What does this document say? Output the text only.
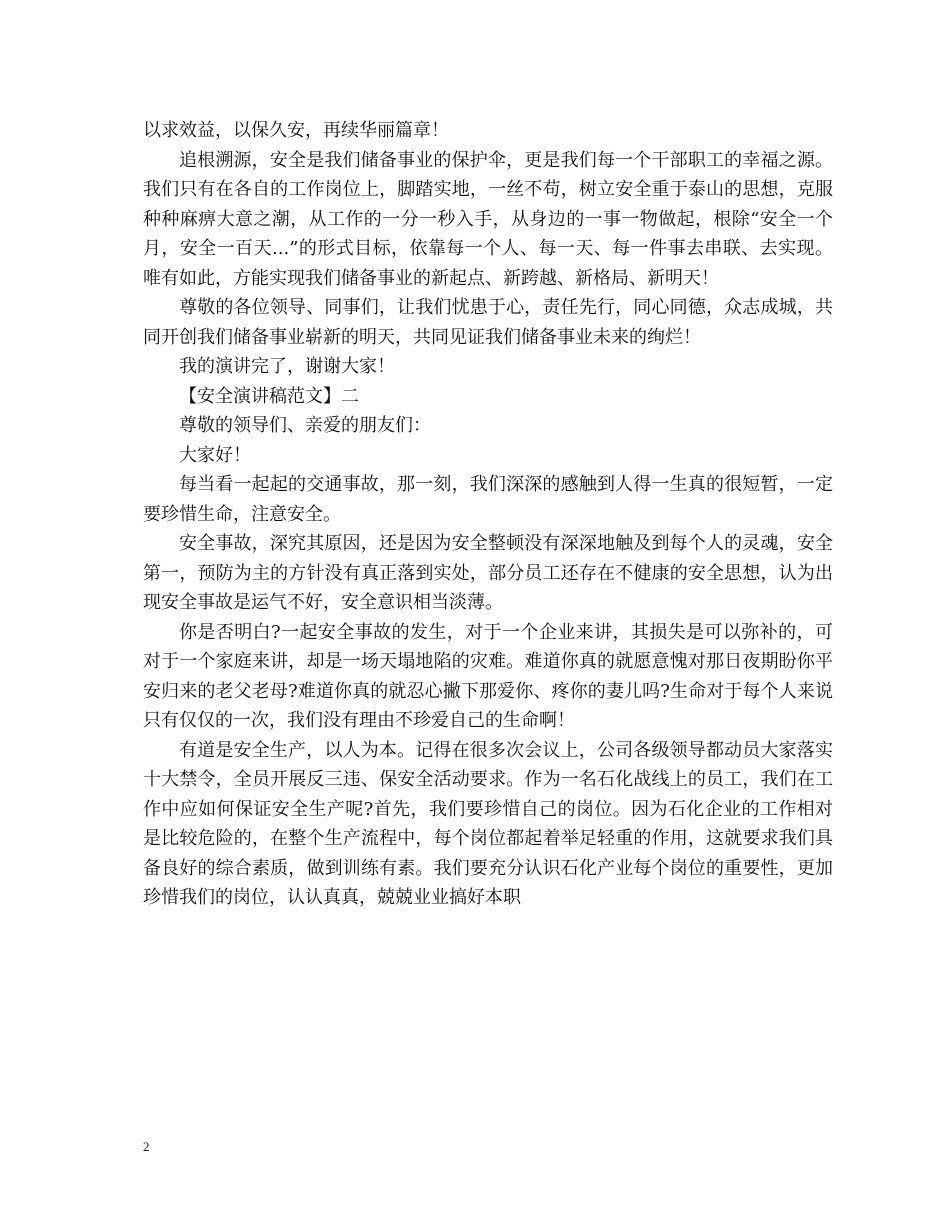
以求效益，以保久安，再续华丽篇章！

追根溯源，安全是我们储备事业的保护伞，更是我们每一个干部职工的幸福之源。我们只有在各自的工作岗位上，脚踏实地，一丝不苟，树立安全重于泰山的思想，克服种种麻痹大意之潮，从工作的一分一秒入手，从身边的一事一物做起，根除“安全一个月，安全一百天...”的形式目标，依靠每一个人、每一天、每一件事去串联、去实现。唯有如此，方能实现我们储备事业的新起点、新跨越、新格局、新明天！

尊敬的各位领导、同事们，让我们忧患于心，责任先行，同心同德，众志成城，共同开创我们储备事业崭新的明天，共同见证我们储备事业未来的绚烂！

我的演讲完了，谢谢大家！

【安全演讲稿范文】二

尊敬的领导们、亲爱的朋友们：

大家好！

每当看一起起的交通事故，那一刻，我们深深的感触到人得一生真的很短暂，一定要珍惜生命，注意安全。

安全事故，深究其原因，还是因为安全整顿没有深深地触及到每个人的灵魂，安全第一，预防为主的方针没有真正落到实处，部分员工还存在不健康的安全思想，认为出现安全事故是运气不好，安全意识相当淡薄。

你是否明白?一起安全事故的发生，对于一个企业来讲，其损失是可以弥补的，可对于一个家庭来讲，却是一场天塌地陷的灾难。难道你真的就愿意愧对那日夜期盼你平安归来的老父老母?难道你真的就忍心撇下那爱你、疼你的妻儿吗?生命对于每个人来说只有仅仅的一次，我们没有理由不珍爱自己的生命啊！

有道是安全生产，以人为本。记得在很多次会议上，公司各级领导都动员大家落实十大禁令，全员开展反三违、保安全活动要求。作为一名石化战线上的员工，我们在工作中应如何保证安全生产呢?首先，我们要珍惜自己的岗位。因为石化企业的工作相对是比较危险的，在整个生产流程中，每个岗位都起着举足轻重的作用，这就要求我们具备良好的综合素质，做到训练有素。我们要充分认识石化产业每个岗位的重要性，更加珍惜我们的岗位，认认真真，兢兢业业搞好本职

2
